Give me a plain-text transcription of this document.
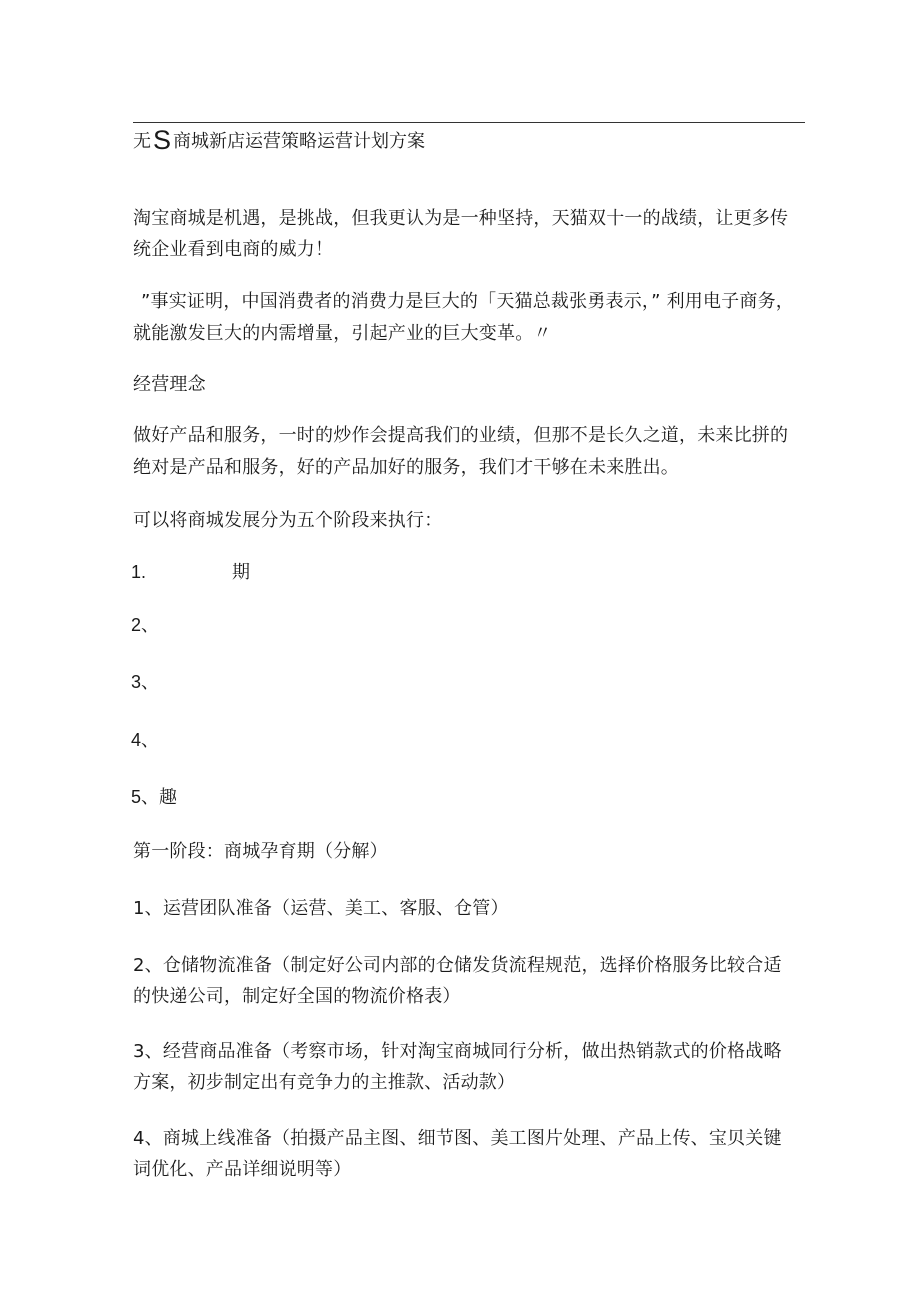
无S 商城新店运营策略运营计划方案
淘宝商城是机遇，是挑战，但我更认为是一种坚持，天猫双十一的战绩，让更多传
统企业看到电商的威力！
”事实证明，中国消费者的消费力是巨大的「天猫总裁张勇表示，” 利用电子商务，
就能激发巨大的内需增量，引起产业的巨大变革。〃
经营理念
做好产品和服务，一时的炒作会提高我们的业绩，但那不是长久之道，未来比拼的
绝对是产品和服务，好的产品加好的服务，我们才干够在未来胜出。
可以将商城发展分为五个阶段来执行：
1.	期
2、
3、
4、
5、趣
第一阶段：商城孕育期（分解）
1、运营团队准备（运营、美工、客服、仓管）
2、仓储物流准备（制定好公司内部的仓储发货流程规范，选择价格服务比较合适
的快递公司，制定好全国的物流价格表）
3、经营商品准备（考察市场，针对淘宝商城同行分析，做出热销款式的价格战略
方案，初步制定出有竞争力的主推款、活动款）
4、商城上线准备（拍摄产品主图、细节图、美工图片处理、产品上传、宝贝关键
词优化、产品详细说明等）
